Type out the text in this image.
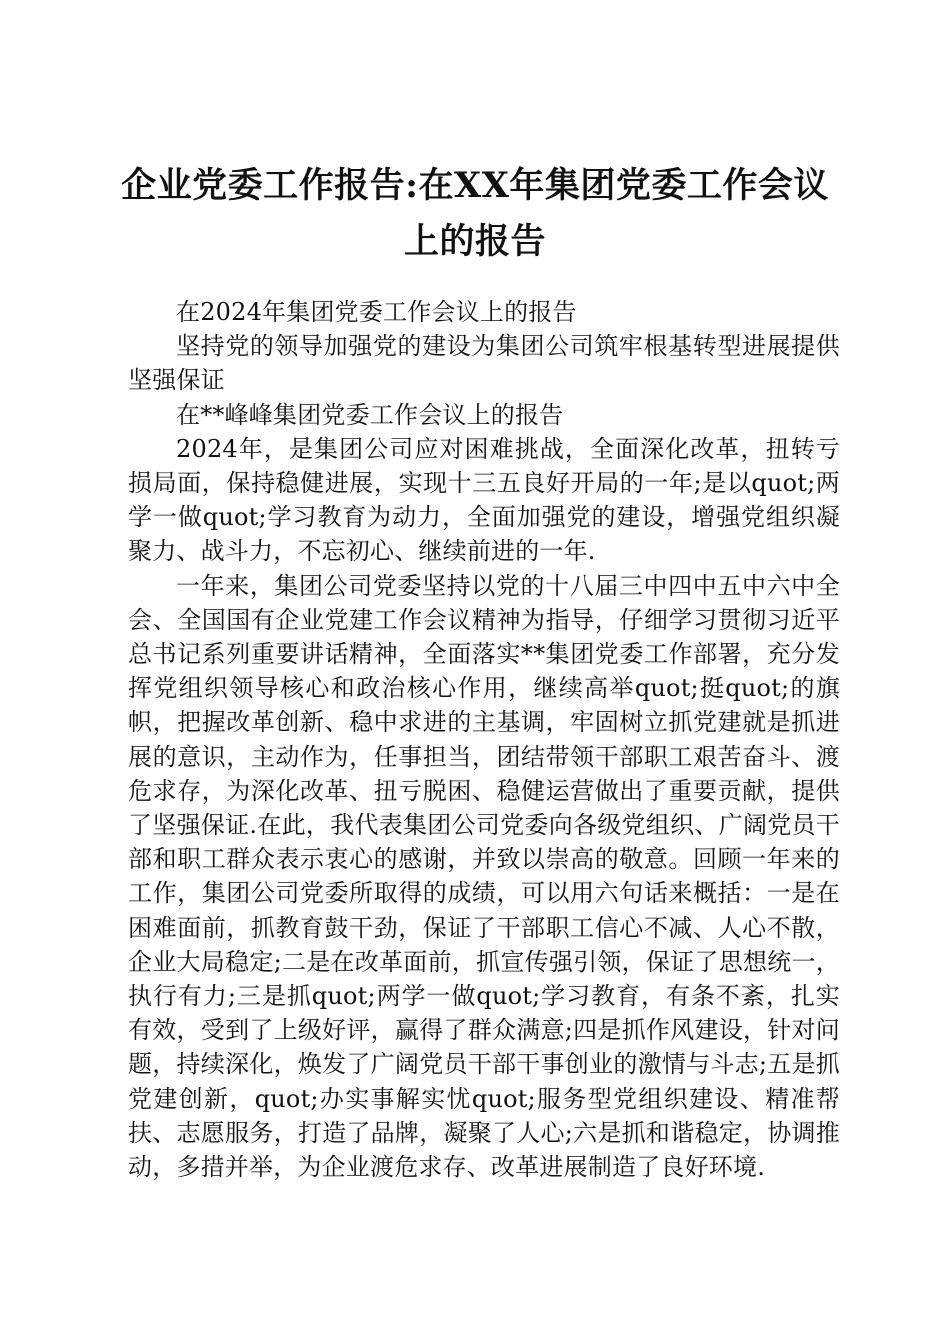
企业党委工作报告:在XX年集团党委工作会议上的报告

在2024年集团党委工作会议上的报告

坚持党的领导加强党的建设为集团公司筑牢根基转型进展提供坚强保证

在**峰峰集团党委工作会议上的报告

2024年，是集团公司应对困难挑战，全面深化改革，扭转亏损局面，保持稳健进展，实现十三五良好开局的一年;是以quot;两学一做quot;学习教育为动力，全面加强党的建设，增强党组织凝聚力、战斗力，不忘初心、继续前进的一年.

一年来，集团公司党委坚持以党的十八届三中四中五中六中全会、全国国有企业党建工作会议精神为指导，仔细学习贯彻习近平总书记系列重要讲话精神，全面落实**集团党委工作部署，充分发挥党组织领导核心和政治核心作用，继续高举quot;挺quot;的旗帜，把握改革创新、稳中求进的主基调，牢固树立抓党建就是抓进展的意识，主动作为，任事担当，团结带领干部职工艰苦奋斗、渡危求存，为深化改革、扭亏脱困、稳健运营做出了重要贡献，提供了坚强保证.在此，我代表集团公司党委向各级党组织、广阔党员干部和职工群众表示衷心的感谢，并致以崇高的敬意。回顾一年来的工作，集团公司党委所取得的成绩，可以用六句话来概括：一是在困难面前，抓教育鼓干劲，保证了干部职工信心不减、人心不散，企业大局稳定;二是在改革面前，抓宣传强引领，保证了思想统一，执行有力;三是抓quot;两学一做quot;学习教育，有条不紊，扎实有效，受到了上级好评，赢得了群众满意;四是抓作风建设，针对问题，持续深化，焕发了广阔党员干部干事创业的激情与斗志;五是抓党建创新，quot;办实事解实忧quot;服务型党组织建设、精准帮扶、志愿服务，打造了品牌，凝聚了人心;六是抓和谐稳定，协调推动，多措并举，为企业渡危求存、改革进展制造了良好环境.
